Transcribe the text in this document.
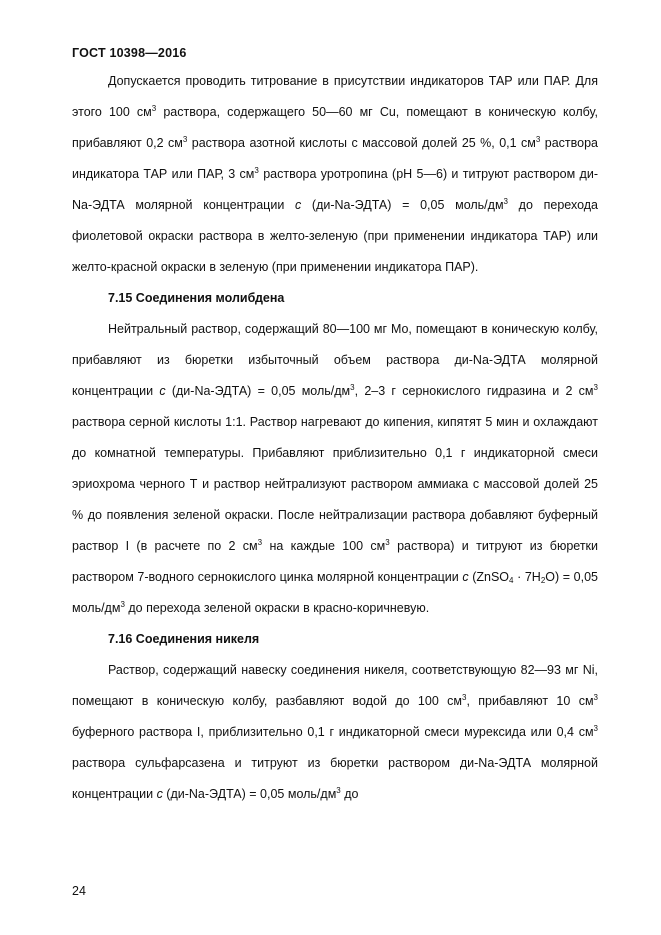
ГОСТ 10398—2016

Допускается проводить титрование в присутствии индикаторов ТАР или ПАР. Для этого 100 $см^3$ раствора, содержащего 50—60 мг Cu, помещают в коническую колбу, прибавляют 0,2 $см^3$ раствора азотной кислоты с массовой долей 25 %, 0,1 $см^3$ раствора индикатора ТАР или ПАР, 3 $см^3$ раствора уротропина (pH 5—6) и титруют раствором ди-Na-ЭДТА молярной концентрации c (ди-Na-ЭДТА) = 0,05 моль/$дм^3$ до перехода фиолетовой окраски раствора в желто-зеленую (при применении индикатора ТАР) или желто-красной окраски в зеленую (при применении индикатора ПАР).

7.15 Соединения молибдена

Нейтральный раствор, содержащий 80—100 мг Mo, помещают в коническую колбу, прибавляют из бюретки избыточный объем раствора ди-Na-ЭДТА молярной концентрации c (ди-Na-ЭДТА) = 0,05 моль/$дм^3$, 2–3 г сернокислого гидразина и 2 $см^3$ раствора серной кислоты 1:1. Раствор нагревают до кипения, кипятят 5 мин и охлаждают до комнатной температуры. Прибавляют приблизительно 0,1 г индикаторной смеси эриохрома черного Т и раствор нейтрализуют раствором аммиака с массовой долей 25 % до появления зеленой окраски. После нейтрализации раствора добавляют буферный раствор I (в расчете по 2 $см^3$ на каждые 100 $см^3$ раствора) и титруют из бюретки раствором 7-водного сернокислого цинка молярной концентрации c (ZnSO$_4$ · $7H_2O) = 0,05$ моль/$дм^3$ до перехода зеленой окраски в красно-коричневую.

7.16 Соединения никеля

Раствор, содержащий навеску соединения никеля, соответствующую 82—93 мг Ni, помещают в коническую колбу, разбавляют водой до 100 $см^3$, прибавляют 10 $см^3$ буферного раствора I, приблизительно 0,1 г индикаторной смеси мурексида или 0,4 $см^3$ раствора сульфарсазена и титруют из бюретки раствором ди-Na-ЭДТА молярной концентрации c (ди-Na-ЭДТА) = 0,05 моль/$дм^3$ до

24
